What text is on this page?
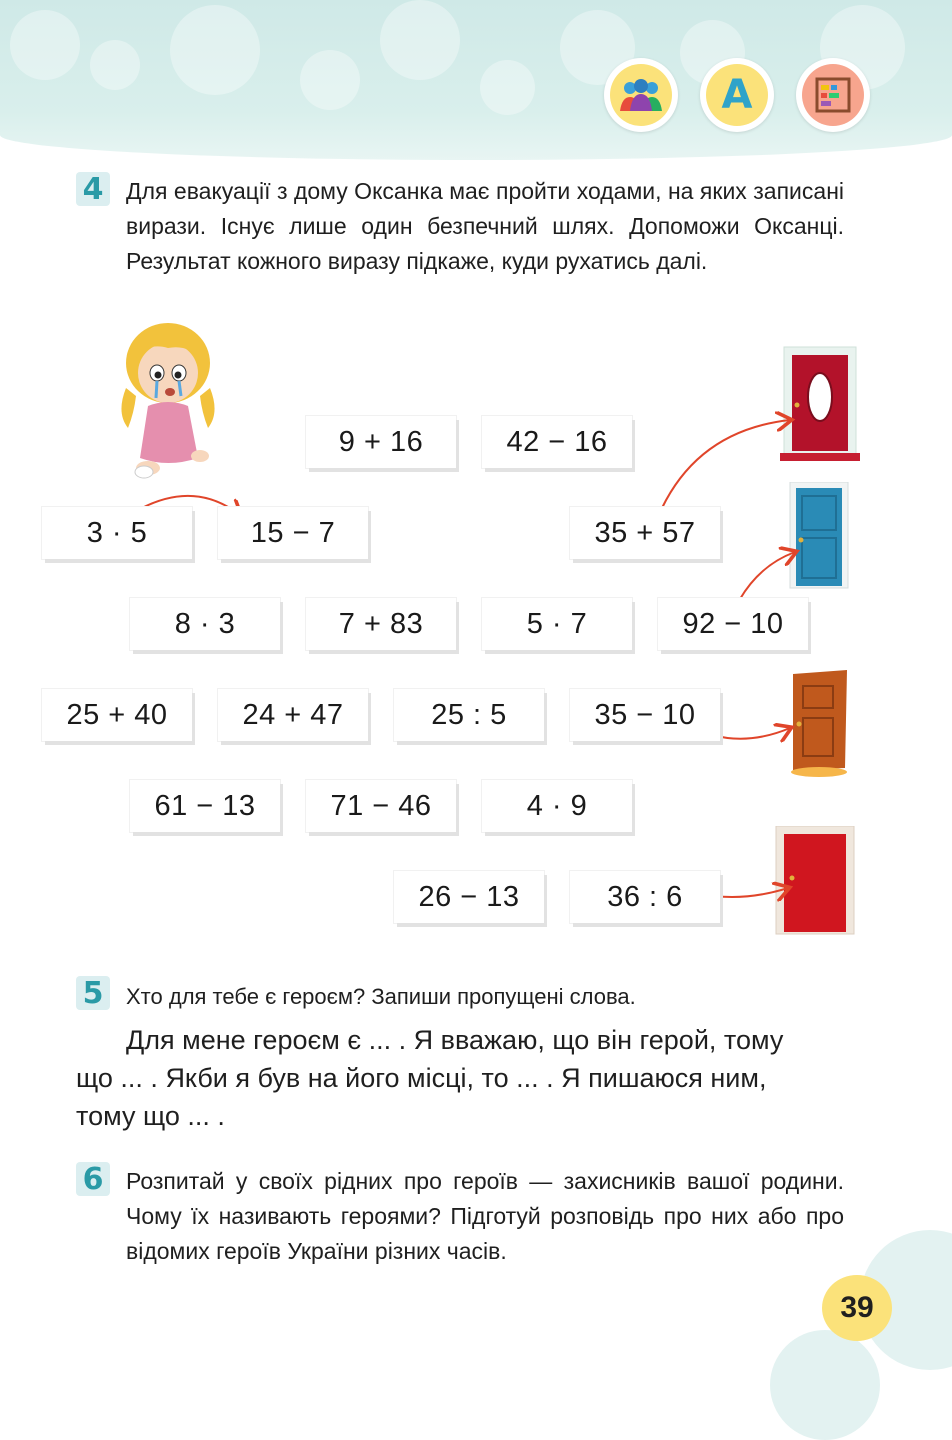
А
4 Для евакуації з дому Оксанка має пройти ходами, на яких записані вирази. Існує лише один безпечний шлях. Допоможи Оксанці. Результат кожного виразу підкаже, куди рухатись далі.
9 + 16	42 − 16
3 · 5	15 − 7	35 + 57
8 · 3	7 + 83	5 · 7	92 − 10
25 + 40	24 + 47	25 : 5	35 − 10
61 − 13	71 − 46	4 · 9
26 − 13	36 : 6
5 Хто для тебе є героєм? Запиши пропущені слова.
Для мене героєм є ... . Я вважаю, що він герой, тому
що ... . Якби я був на його місці, то ... . Я пишаюся ним,
тому що ... .
6 Розпитай у своїх рідних про героїв — захисників вашої родини. Чому їх називають героями? Підготуй розповідь про них або про відомих героїв України різних часів.
39
